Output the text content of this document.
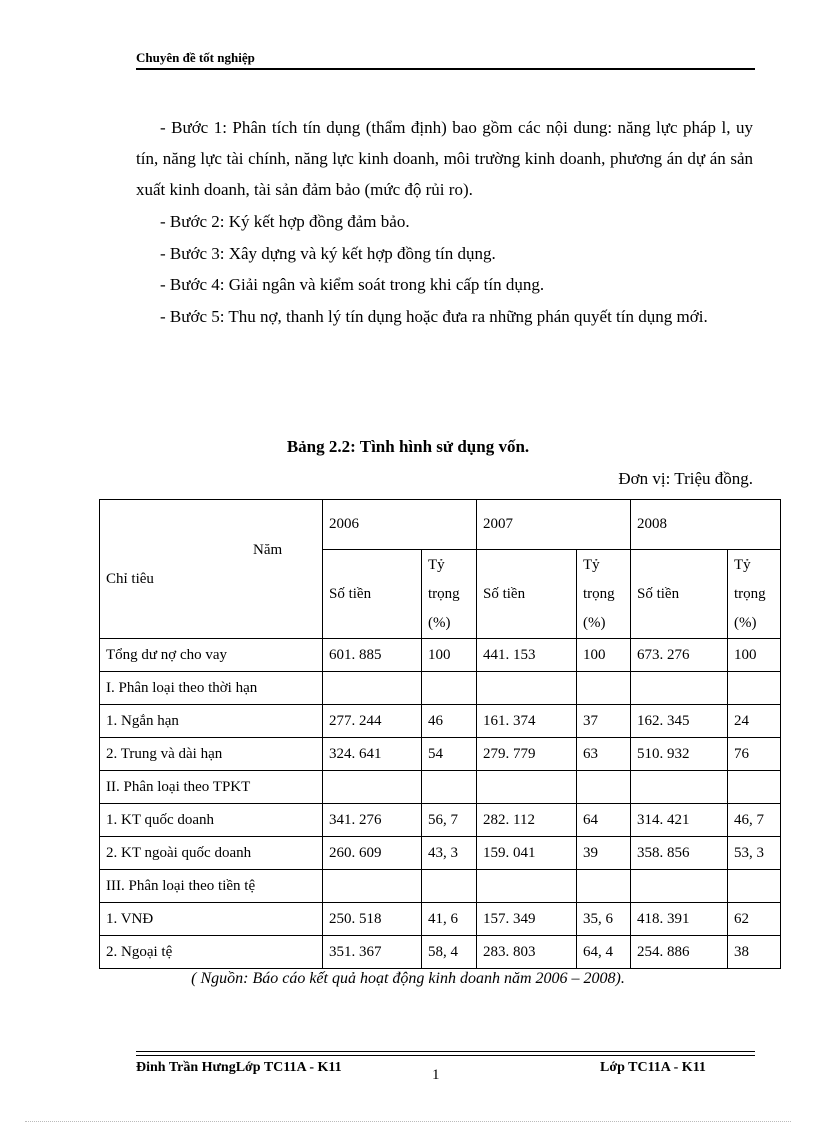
Chuyên đề tốt nghiệp
- Bước 1: Phân tích tín dụng (thẩm định) bao gồm các nội dung: năng lực pháp l, uy tín, năng lực tài chính, năng lực kinh doanh, môi trường kinh doanh, phương án dự án sản xuất kinh doanh, tài sản đảm bảo (mức độ rủi ro).
- Bước 2: Ký kết hợp đồng đảm bảo.
- Bước 3: Xây dựng và ký kết hợp đồng tín dụng.
- Bước 4: Giải ngân và kiểm soát trong khi cấp tín dụng.
- Bước 5: Thu nợ, thanh lý tín dụng hoặc đưa ra những phán quyết tín dụng mới.
Bảng 2.2: Tình hình sử dụng vốn.
Đơn vị: Triệu đồng.
Năm
Chỉ tiêu	2006		2007		2008	
	Số tiền	Tỷ
trọng
(%)	Số tiền	Tỷ
trọng
(%)	Số tiền	Tỷ
trọng
(%)
Tổng dư nợ cho vay	601. 885	100	441. 153	100	673. 276	100
I. Phân loại theo thời hạn						
1. Ngắn hạn	277. 244	46	161. 374	37	162. 345	24
2. Trung và dài hạn	324. 641	54	279. 779	63	510. 932	76
II. Phân loại theo TPKT						
1. KT quốc doanh	341. 276	56, 7	282. 112	64	314. 421	46, 7
2. KT ngoài quốc doanh	260. 609	43, 3	159. 041	39	358. 856	53, 3
III. Phân loại theo tiền tệ						
1. VNĐ	250. 518	41, 6	157. 349	35, 6	418. 391	62
2. Ngoại tệ	351. 367	58, 4	283. 803	64, 4	254. 886	38
( Nguồn: Báo cáo kết quả hoạt động kinh doanh năm 2006 – 2008).
Đinh Trần HưngLớp TC11A - K11	1	Lớp TC11A - K11
